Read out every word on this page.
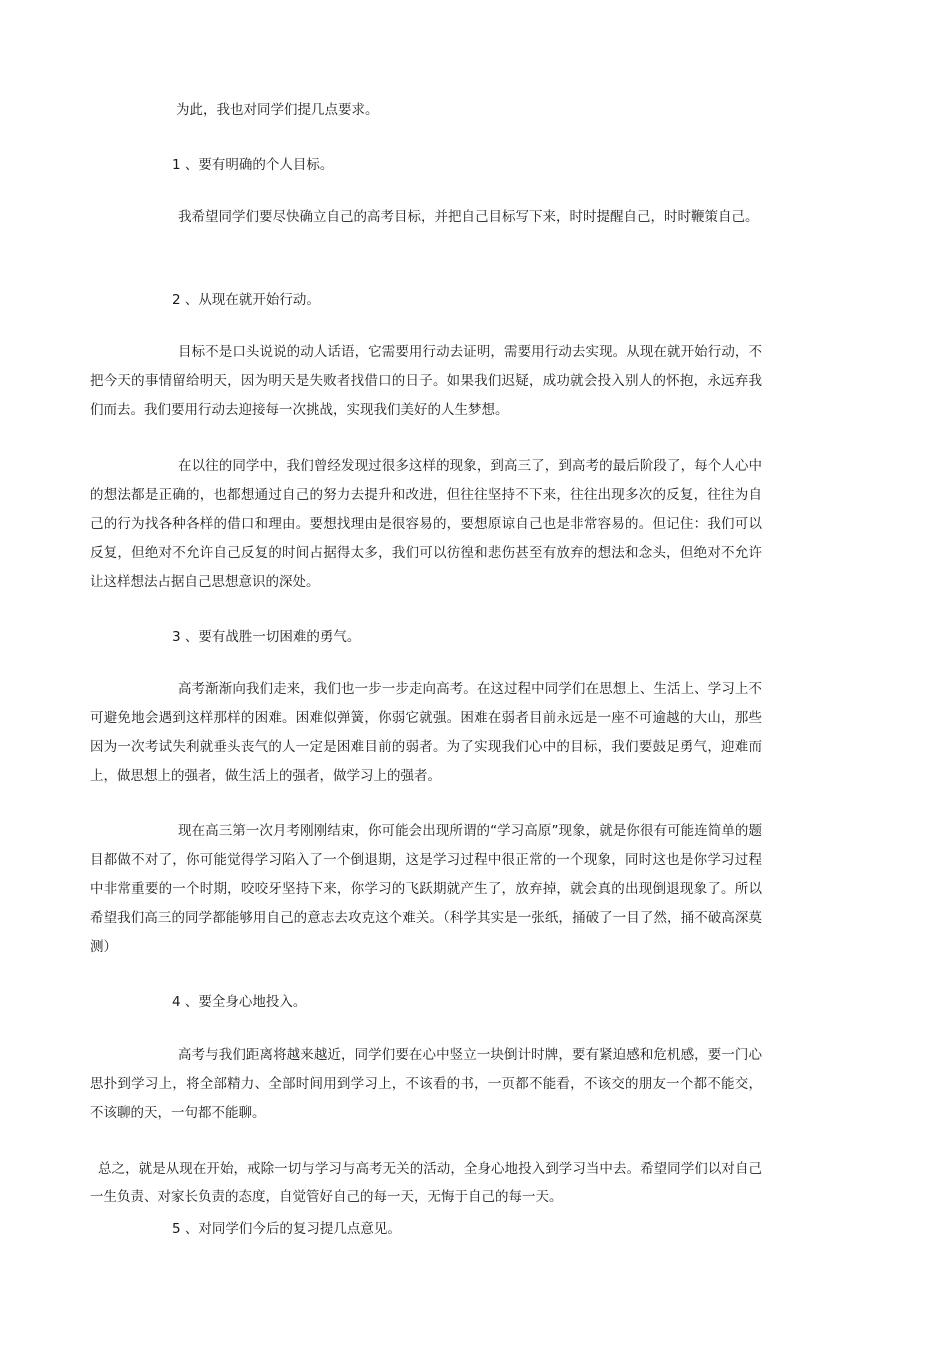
为此，我也对同学们提几点要求。
1 、要有明确的个人目标。
我希望同学们要尽快确立自己的高考目标，并把自己目标写下来，时时提醒自己，时时鞭策自己。
2 、从现在就开始行动。
目标不是口头说说的动人话语，它需要用行动去证明，需要用行动去实现。从现在就开始行动，不把今天的事情留给明天，因为明天是失败者找借口的日子。如果我们迟疑，成功就会投入别人的怀抱，永远弃我们而去。我们要用行动去迎接每一次挑战，实现我们美好的人生梦想。
在以往的同学中，我们曾经发现过很多这样的现象，到高三了，到高考的最后阶段了，每个人心中的想法都是正确的，也都想通过自己的努力去提升和改进，但往往坚持不下来，往往出现多次的反复，往往为自己的行为找各种各样的借口和理由。要想找理由是很容易的，要想原谅自己也是非常容易的。但记住：我们可以反复，但绝对不允许自己反复的时间占据得太多，我们可以彷徨和悲伤甚至有放弃的想法和念头，但绝对不允许让这样想法占据自己思想意识的深处。
3 、要有战胜一切困难的勇气。
高考渐渐向我们走来，我们也一步一步走向高考。在这过程中同学们在思想上、生活上、学习上不可避免地会遇到这样那样的困难。困难似弹簧，你弱它就强。困难在弱者目前永远是一座不可逾越的大山，那些因为一次考试失利就垂头丧气的人一定是困难目前的弱者。为了实现我们心中的目标，我们要鼓足勇气，迎难而上，做思想上的强者，做生活上的强者，做学习上的强者。
现在高三第一次月考刚刚结束，你可能会出现所谓的“学习高原”现象，就是你很有可能连简单的题目都做不对了，你可能觉得学习陷入了一个倒退期，这是学习过程中很正常的一个现象，同时这也是你学习过程中非常重要的一个时期，咬咬牙坚持下来，你学习的飞跃期就产生了，放弃掉，就会真的出现倒退现象了。所以希望我们高三的同学都能够用自己的意志去攻克这个难关。（科学其实是一张纸，捅破了一目了然，捅不破高深莫测）
4 、要全身心地投入。
高考与我们距离将越来越近，同学们要在心中竖立一块倒计时牌，要有紧迫感和危机感，要一门心思扑到学习上，将全部精力、全部时间用到学习上，不该看的书，一页都不能看，不该交的朋友一个都不能交，不该聊的天，一句都不能聊。
总之，就是从现在开始，戒除一切与学习与高考无关的活动，全身心地投入到学习当中去。希望同学们以对自己一生负责、对家长负责的态度，自觉管好自己的每一天，无悔于自己的每一天。
5 、对同学们今后的复习提几点意见。
